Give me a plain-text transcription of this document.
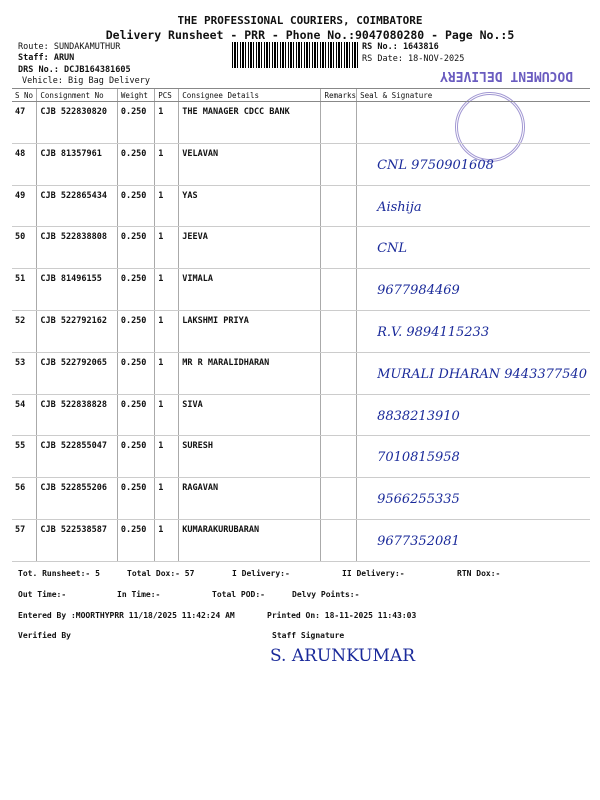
THE PROFESSIONAL COURIERS, COIMBATORE
Delivery Runsheet - PRR - Phone No.:9047080280 - Page No.:5
Route: SUNDAKAMUTHUR
Staff: ARUN
DRS No.: DCJB164381605
Vehicle: Big Bag Delivery
RS No.: 1643816
RS Date: 18-NOV-2025
DOCUMENT DELIVERY
S No	Consignment No	Weight	PCS	Consignee Details	Remarks	Seal & Signature
47	CJB 522830820	0.250	1	THE MANAGER CDCC BANK		
48	CJB 81357961	0.250	1	VELAVAN		CNL 9750901608
49	CJB 522865434	0.250	1	YAS		Aishija
50	CJB 522838808	0.250	1	JEEVA		CNL
51	CJB 81496155	0.250	1	VIMALA		9677984469
52	CJB 522792162	0.250	1	LAKSHMI PRIYA		R.V. 9894115233
53	CJB 522792065	0.250	1	MR R MARALIDHARAN		MURALI DHARAN 9443377540
54	CJB 522838828	0.250	1	SIVA		8838213910
55	CJB 522855047	0.250	1	SURESH		7010815958
56	CJB 522855206	0.250	1	RAGAVAN		9566255335
57	CJB 522538587	0.250	1	KUMARAKURUBARAN		9677352081
Tot. Runsheet:- 5	Total Dox:- 57	I Delivery:-	II Delivery:-	RTN Dox:-
Out Time:-	In Time:-	Total POD:-	Delvy Points:-
Entered By :MOORTHYPRR 11/18/2025 11:42:24 AM	Printed On: 18-11-2025 11:43:03
Verified By	Staff Signature
S. ARUNKUMAR
